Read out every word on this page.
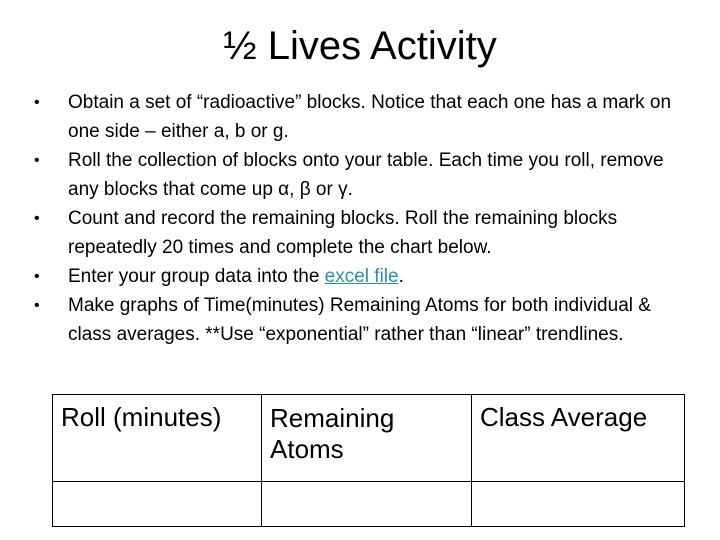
½ Lives Activity
•	Obtain a set of “radioactive” blocks. Notice that each one has a mark on one side – either a, b or g.
•	Roll the collection of blocks onto your table. Each time you roll, remove any blocks that come up α, β or γ.
•	Count and record the remaining blocks. Roll the remaining blocks repeatedly 20 times and complete the chart below.
•	Enter your group data into the excel file.
•	Make graphs of Time(minutes) Remaining Atoms for both individual & class averages. **Use “exponential” rather than “linear” trendlines.
Roll (minutes)	Remaining Atoms	Class Average
